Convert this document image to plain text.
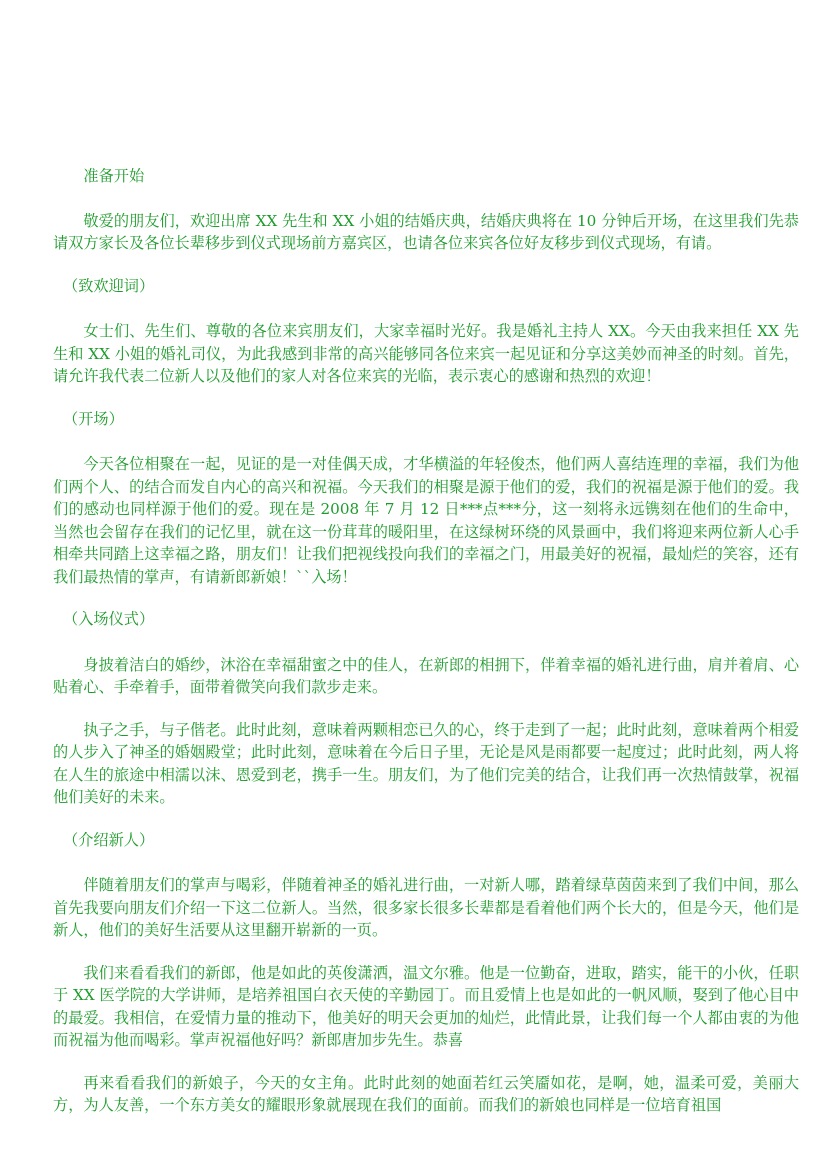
准备开始

敬爱的朋友们，欢迎出席 XX 先生和 XX 小姐的结婚庆典，结婚庆典将在 10 分钟后开场，在这里我们先恭请双方家长及各位长辈移步到仪式现场前方嘉宾区，也请各位来宾各位好友移步到仪式现场，有请。

（致欢迎词）

女士们、先生们、尊敬的各位来宾朋友们，大家幸福时光好。我是婚礼主持人 XX。今天由我来担任 XX 先生和 XX 小姐的婚礼司仪，为此我感到非常的高兴能够同各位来宾一起见证和分享这美妙而神圣的时刻。首先，请允许我代表二位新人以及他们的家人对各位来宾的光临，表示衷心的感谢和热烈的欢迎！

（开场）

今天各位相聚在一起，见证的是一对佳偶天成，才华横溢的年轻俊杰，他们两人喜结连理的幸福，我们为他们两个人、的结合而发自内心的高兴和祝福。今天我们的相聚是源于他们的爱，我们的祝福是源于他们的爱。我们的感动也同样源于他们的爱。现在是 2008 年 7 月 12 日***点***分，这一刻将永远镌刻在他们的生命中，当然也会留存在我们的记忆里，就在这一份茸茸的暖阳里，在这绿树环绕的风景画中，我们将迎来两位新人心手相牵共同踏上这幸福之路，朋友们！让我们把视线投向我们的幸福之门，用最美好的祝福，最灿烂的笑容，还有我们最热情的掌声，有请新郎新娘！``入场！

（入场仪式）

身披着洁白的婚纱，沐浴在幸福甜蜜之中的佳人，在新郎的相拥下，伴着幸福的婚礼进行曲，肩并着肩、心贴着心、手牵着手，面带着微笑向我们款步走来。

执子之手，与子偕老。此时此刻，意味着两颗相恋已久的心，终于走到了一起；此时此刻，意味着两个相爱的人步入了神圣的婚姻殿堂；此时此刻，意味着在今后日子里，无论是风是雨都要一起度过；此时此刻，两人将在人生的旅途中相濡以沫、恩爱到老，携手一生。朋友们，为了他们完美的结合，让我们再一次热情鼓掌，祝福他们美好的未来。

（介绍新人）

伴随着朋友们的掌声与喝彩，伴随着神圣的婚礼进行曲，一对新人哪，踏着绿草茵茵来到了我们中间，那么首先我要向朋友们介绍一下这二位新人。当然，很多家长很多长辈都是看着他们两个长大的，但是今天，他们是新人，他们的美好生活要从这里翻开崭新的一页。

我们来看看我们的新郎，他是如此的英俊潇洒，温文尔雅。他是一位勤奋，进取，踏实，能干的小伙，任职于 XX 医学院的大学讲师，是培养祖国白衣天使的辛勤园丁。而且爱情上也是如此的一帆风顺，娶到了他心目中的最爱。我相信，在爱情力量的推动下，他美好的明天会更加的灿烂，此情此景，让我们每一个人都由衷的为他而祝福为他而喝彩。掌声祝福他好吗？新郎唐加步先生。恭喜

再来看看我们的新娘子，今天的女主角。此时此刻的她面若红云笑靥如花，是啊，她，温柔可爱，美丽大方，为人友善，一个东方美女的耀眼形象就展现在我们的面前。而我们的新娘也同样是一位培育祖国
